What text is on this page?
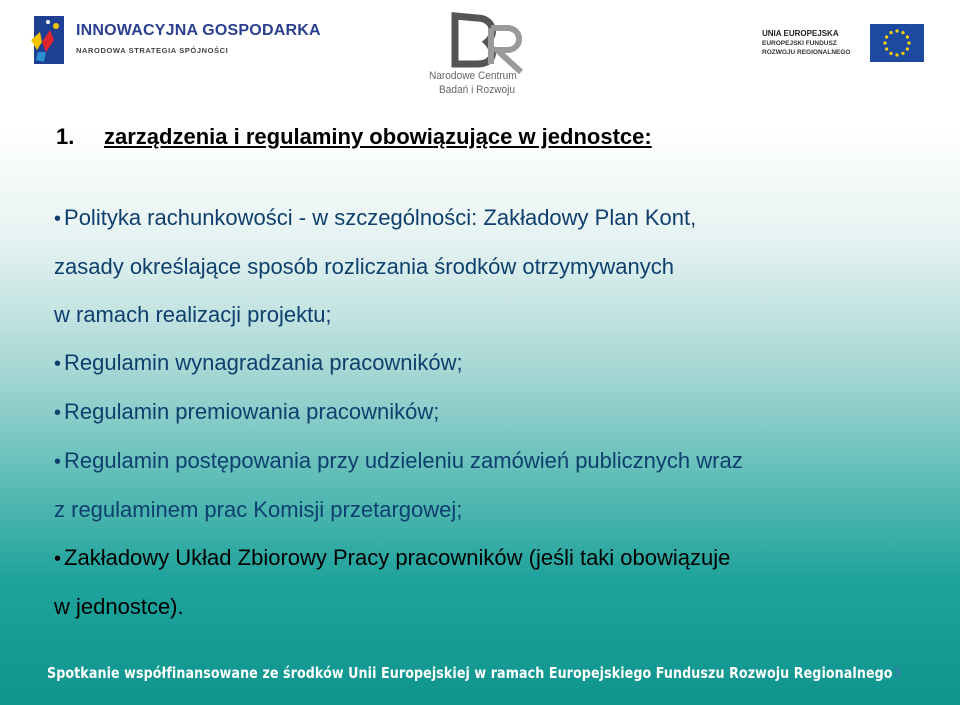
INNOWACYJNA GOSPODARKA
NARODOWA STRATEGIA SPÓJNOŚCI
Narodowe Centrum
Badań i Rozwoju
UNIA EUROPEJSKA
EUROPEJSKI FUNDUSZ
ROZWOJU REGIONALNEGO
1. zarządzenia i regulaminy obowiązujące w jednostce:

• Polityka rachunkowości - w szczególności: Zakładowy Plan Kont,

zasady określające sposób rozliczania środków otrzymywanych

w ramach realizacji projektu;

• Regulamin wynagradzania pracowników;

• Regulamin premiowania pracowników;

• Regulamin postępowania przy udzieleniu zamówień publicznych wraz

z regulaminem prac Komisji przetargowej;

• Zakładowy Układ Zbiorowy Pracy pracowników (jeśli taki obowiązuje

w jednostce).

Spotkanie współfinansowane ze środków Unii Europejskiej w ramach Europejskiego Funduszu Rozwoju Regionalnego 3
